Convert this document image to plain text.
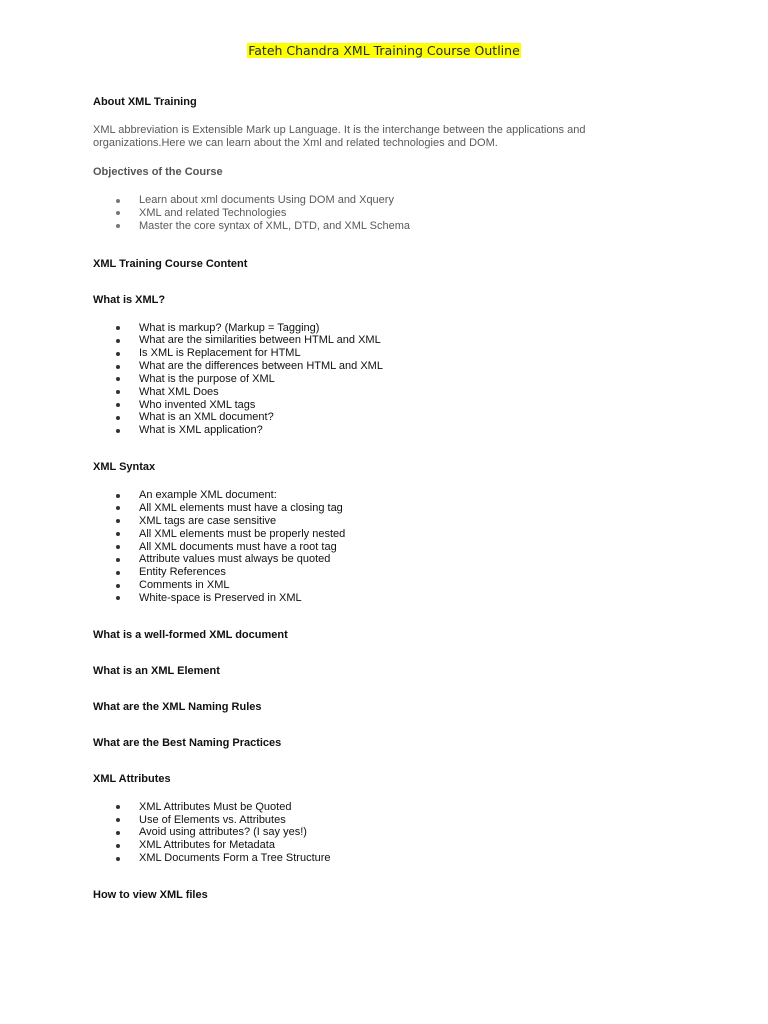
Fateh Chandra XML Training Course Outline

About XML Training

XML abbreviation is Extensible Mark up Language. It is the interchange between the applications and organizations.Here we can learn about the Xml and related technologies and DOM.

Objectives of the Course

Learn about xml documents Using DOM and Xquery
XML and related Technologies
Master the core syntax of XML, DTD, and XML Schema

XML Training Course Content

What is XML?

What is markup? (Markup = Tagging)
What are the similarities between HTML and XML
Is XML is Replacement for HTML
What are the differences between HTML and XML
What is the purpose of XML
What XML Does
Who invented XML tags
What is an XML document?
What is XML application?

XML Syntax

An example XML document:
All XML elements must have a closing tag
XML tags are case sensitive
All XML elements must be properly nested
All XML documents must have a root tag
Attribute values must always be quoted
Entity References
Comments in XML
White-space is Preserved in XML

What is a well-formed XML document

What is an XML Element

What are the XML Naming Rules

What are the Best Naming Practices

XML Attributes

XML Attributes Must be Quoted
Use of Elements vs. Attributes
Avoid using attributes? (I say yes!)
XML Attributes for Metadata
XML Documents Form a Tree Structure

How to view XML files
